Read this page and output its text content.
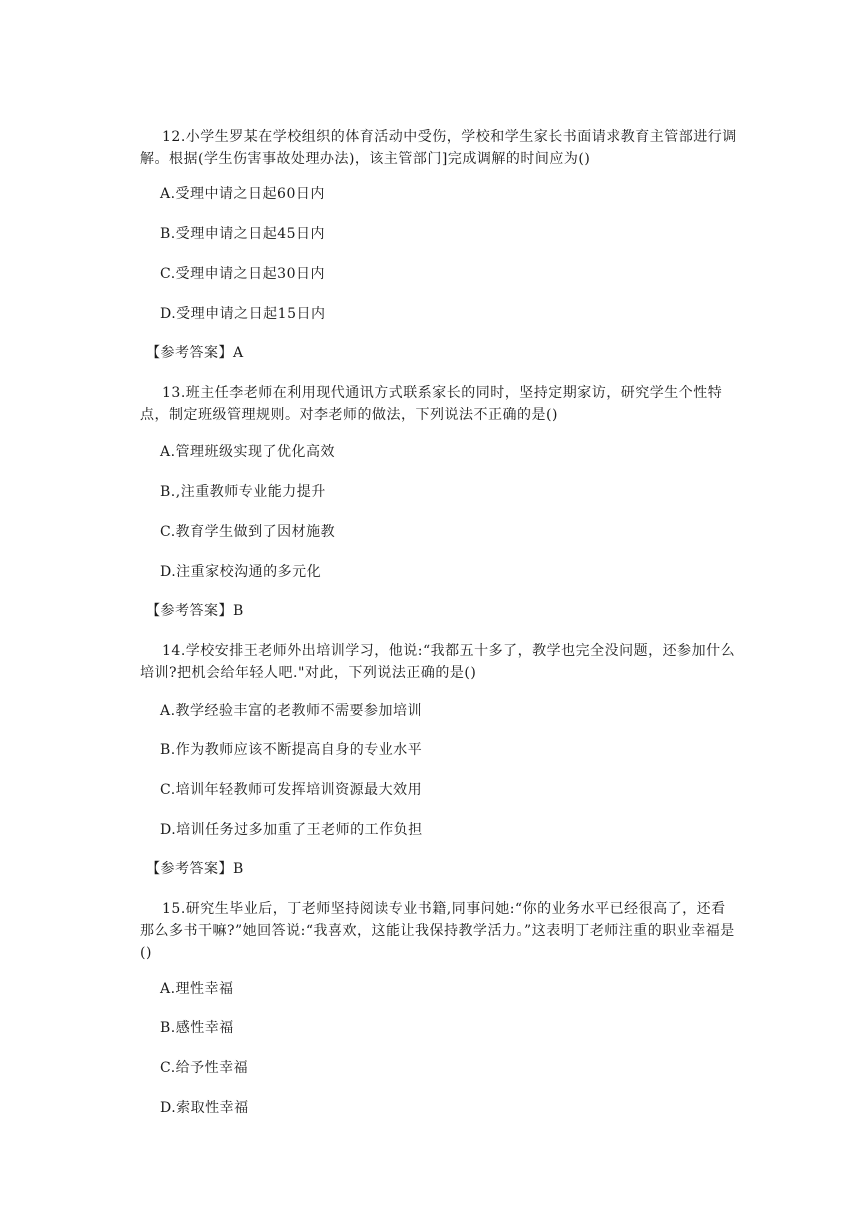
12.小学生罗某在学校组织的体育活动中受伤，学校和学生家长书面请求教育主管部进行调解。根据(学生伤害事故处理办法)，该主管部门]完成调解的时间应为()
A.受理中请之日起60日内
B.受理申请之日起45日内
C.受理申请之日起30日内
D.受理申请之日起15日内
【参考答案】A
13.班主任李老师在利用现代通讯方式联系家长的同时，坚持定期家访，研究学生个性特点，制定班级管理规则。对李老师的做法，下列说法不正确的是()
A.管理班级实现了优化高效
B.,注重教师专业能力提升
C.教育学生做到了因材施教
D.注重家校沟通的多元化
【参考答案】B
14.学校安排王老师外出培训学习，他说:“我都五十多了，教学也完全没问题，还参加什么培训?把机会给年轻人吧."对此，下列说法正确的是()
A.教学经验丰富的老教师不需要参加培训
B.作为教师应该不断提高自身的专业水平
C.培训年轻教师可发挥培训资源最大效用
D.培训任务过多加重了王老师的工作负担
【参考答案】B
15.研究生毕业后，丁老师坚持阅读专业书籍,同事问她:“你的业务水平已经很高了，还看那么多书干嘛?”她回答说:“我喜欢，这能让我保持教学活力。”这表明丁老师注重的职业幸福是()
A.理性幸福
B.感性幸福
C.给予性幸福
D.索取性幸福
